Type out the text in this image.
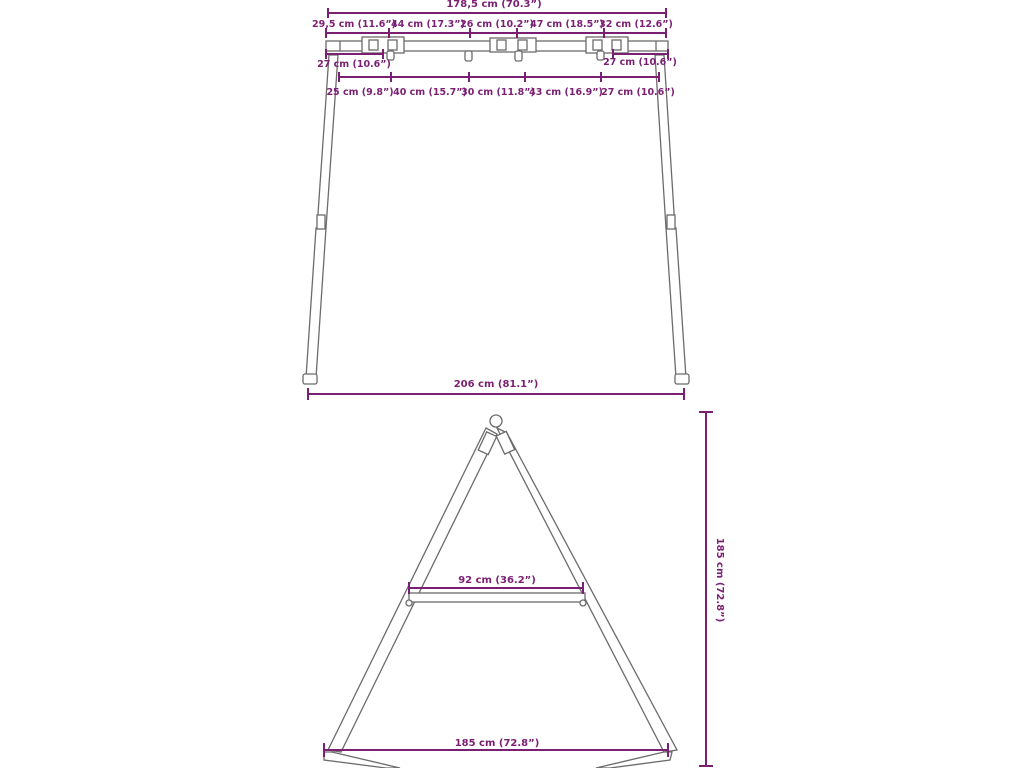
178,5 cm (70.3”)
29,5 cm (11.6”)
44 cm (17.3”)
26 cm (10.2”)
47 cm (18.5”)
32 cm (12.6”)
27 cm (10.6”)	27 cm (10.6”)
25 cm (9.8”) 40 cm (15.7”)
30 cm (11.8”)
43 cm (16.9”)
27 cm (10.6”)
206 cm (81.1”)
92 cm (36.2”)
185 cm (72.8”)
185 cm (72.8”)
